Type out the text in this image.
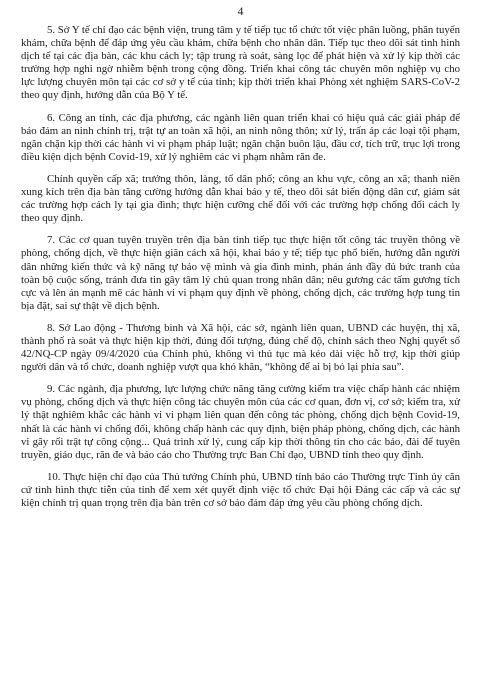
4

5. Sở Y tế chỉ đạo các bệnh viện, trung tâm y tế tiếp tục tổ chức tốt việc phân luồng, phân tuyến khám, chữa bệnh để đáp ứng yêu cầu khám, chữa bệnh cho nhân dân. Tiếp tục theo dõi sát tình hình dịch tể tại các địa bàn, các khu cách ly; tập trung rà soát, sàng lọc để phát hiện và xử lý kịp thời các trường hợp nghi ngờ nhiễm bệnh trong cộng đồng. Triển khai công tác chuyên môn nghiệp vụ cho lực lượng chuyên môn tại các cơ sở y tế của tỉnh; kịp thời triển khai Phòng xét nghiệm SARS-CoV-2 theo quy định, hướng dẫn của Bộ Y tế.

6. Công an tỉnh, các địa phương, các ngành liên quan triển khai có hiệu quả các giải pháp để bảo đảm an ninh chính trị, trật tự an toàn xã hội, an ninh nông thôn; xử lý, trấn áp các loại tội phạm, ngăn chặn kịp thời các hành vi vi phạm pháp luật; ngăn chặn buôn lậu, đầu cơ, tích trữ, trục lợi trong điều kiện dịch bệnh Covid-19, xử lý nghiêm các vi phạm nhằm răn đe.

Chính quyền cấp xã; trưởng thôn, làng, tổ dân phố; công an khu vực, công an xã; thanh niên xung kích trên địa bàn tăng cường hướng dẫn khai báo y tế, theo dõi sát biến động dân cư, giám sát các trường hợp cách ly tại gia đình; thực hiện cưỡng chế đối với các trường hợp chống đối cách ly theo quy định.

7. Các cơ quan tuyên truyền trên địa bàn tỉnh tiếp tục thực hiện tốt công tác truyền thông về phòng, chống dịch, về thực hiện giãn cách xã hội, khai báo y tế; tiếp tục phổ biến, hướng dẫn người dân những kiến thức và kỹ năng tự bảo vệ mình và gia đình mình, phản ánh đầy đủ bức tranh của toàn bộ cuộc sống, tránh đưa tin gây tâm lý chủ quan trong nhân dân; nêu gương các tấm gương tích cực và lên án mạnh mẽ các hành vi vi phạm quy định về phòng, chống dịch, các trường hợp tung tin bịa đặt, sai sự thật về dịch bệnh.

8. Sở Lao động - Thương binh và Xã hội, các sở, ngành liên quan, UBND các huyện, thị xã, thành phố rà soát và thực hiện kịp thời, đúng đối tượng, đúng chế độ, chính sách theo Nghị quyết số 42/NQ-CP ngày 09/4/2020 của Chính phủ, không vì thủ tục mà kéo dài việc hỗ trợ, kịp thời giúp người dân và tổ chức, doanh nghiệp vượt qua khó khăn, “không để ai bị bỏ lại phía sau”.

9. Các ngành, địa phương, lực lượng chức năng tăng cường kiểm tra việc chấp hành các nhiệm vụ phòng, chống dịch và thực hiện công tác chuyên môn của các cơ quan, đơn vị, cơ sở; kiểm tra, xử lý thật nghiêm khắc các hành vi vi phạm liên quan đến công tác phòng, chống dịch bệnh Covid-19, nhất là các hành vi chống đối, không chấp hành các quy định, biện pháp phòng, chống dịch, các hành vi gây rối trật tự công cộng... Quá trình xử lý, cung cấp kịp thời thông tin cho các báo, đài để tuyên truyền, giáo dục, răn đe và báo cáo cho Thường trực Ban Chỉ đạo, UBND tỉnh theo quy định.

10. Thực hiện chỉ đạo của Thủ tướng Chính phủ, UBND tỉnh báo cáo Thường trực Tỉnh ủy căn cứ tình hình thực tiễn của tỉnh để xem xét quyết định việc tổ chức Đại hội Đảng các cấp và các sự kiện chính trị quan trọng trên địa bàn trên cơ sở bảo đảm đáp ứng yêu cầu phòng chống dịch.
